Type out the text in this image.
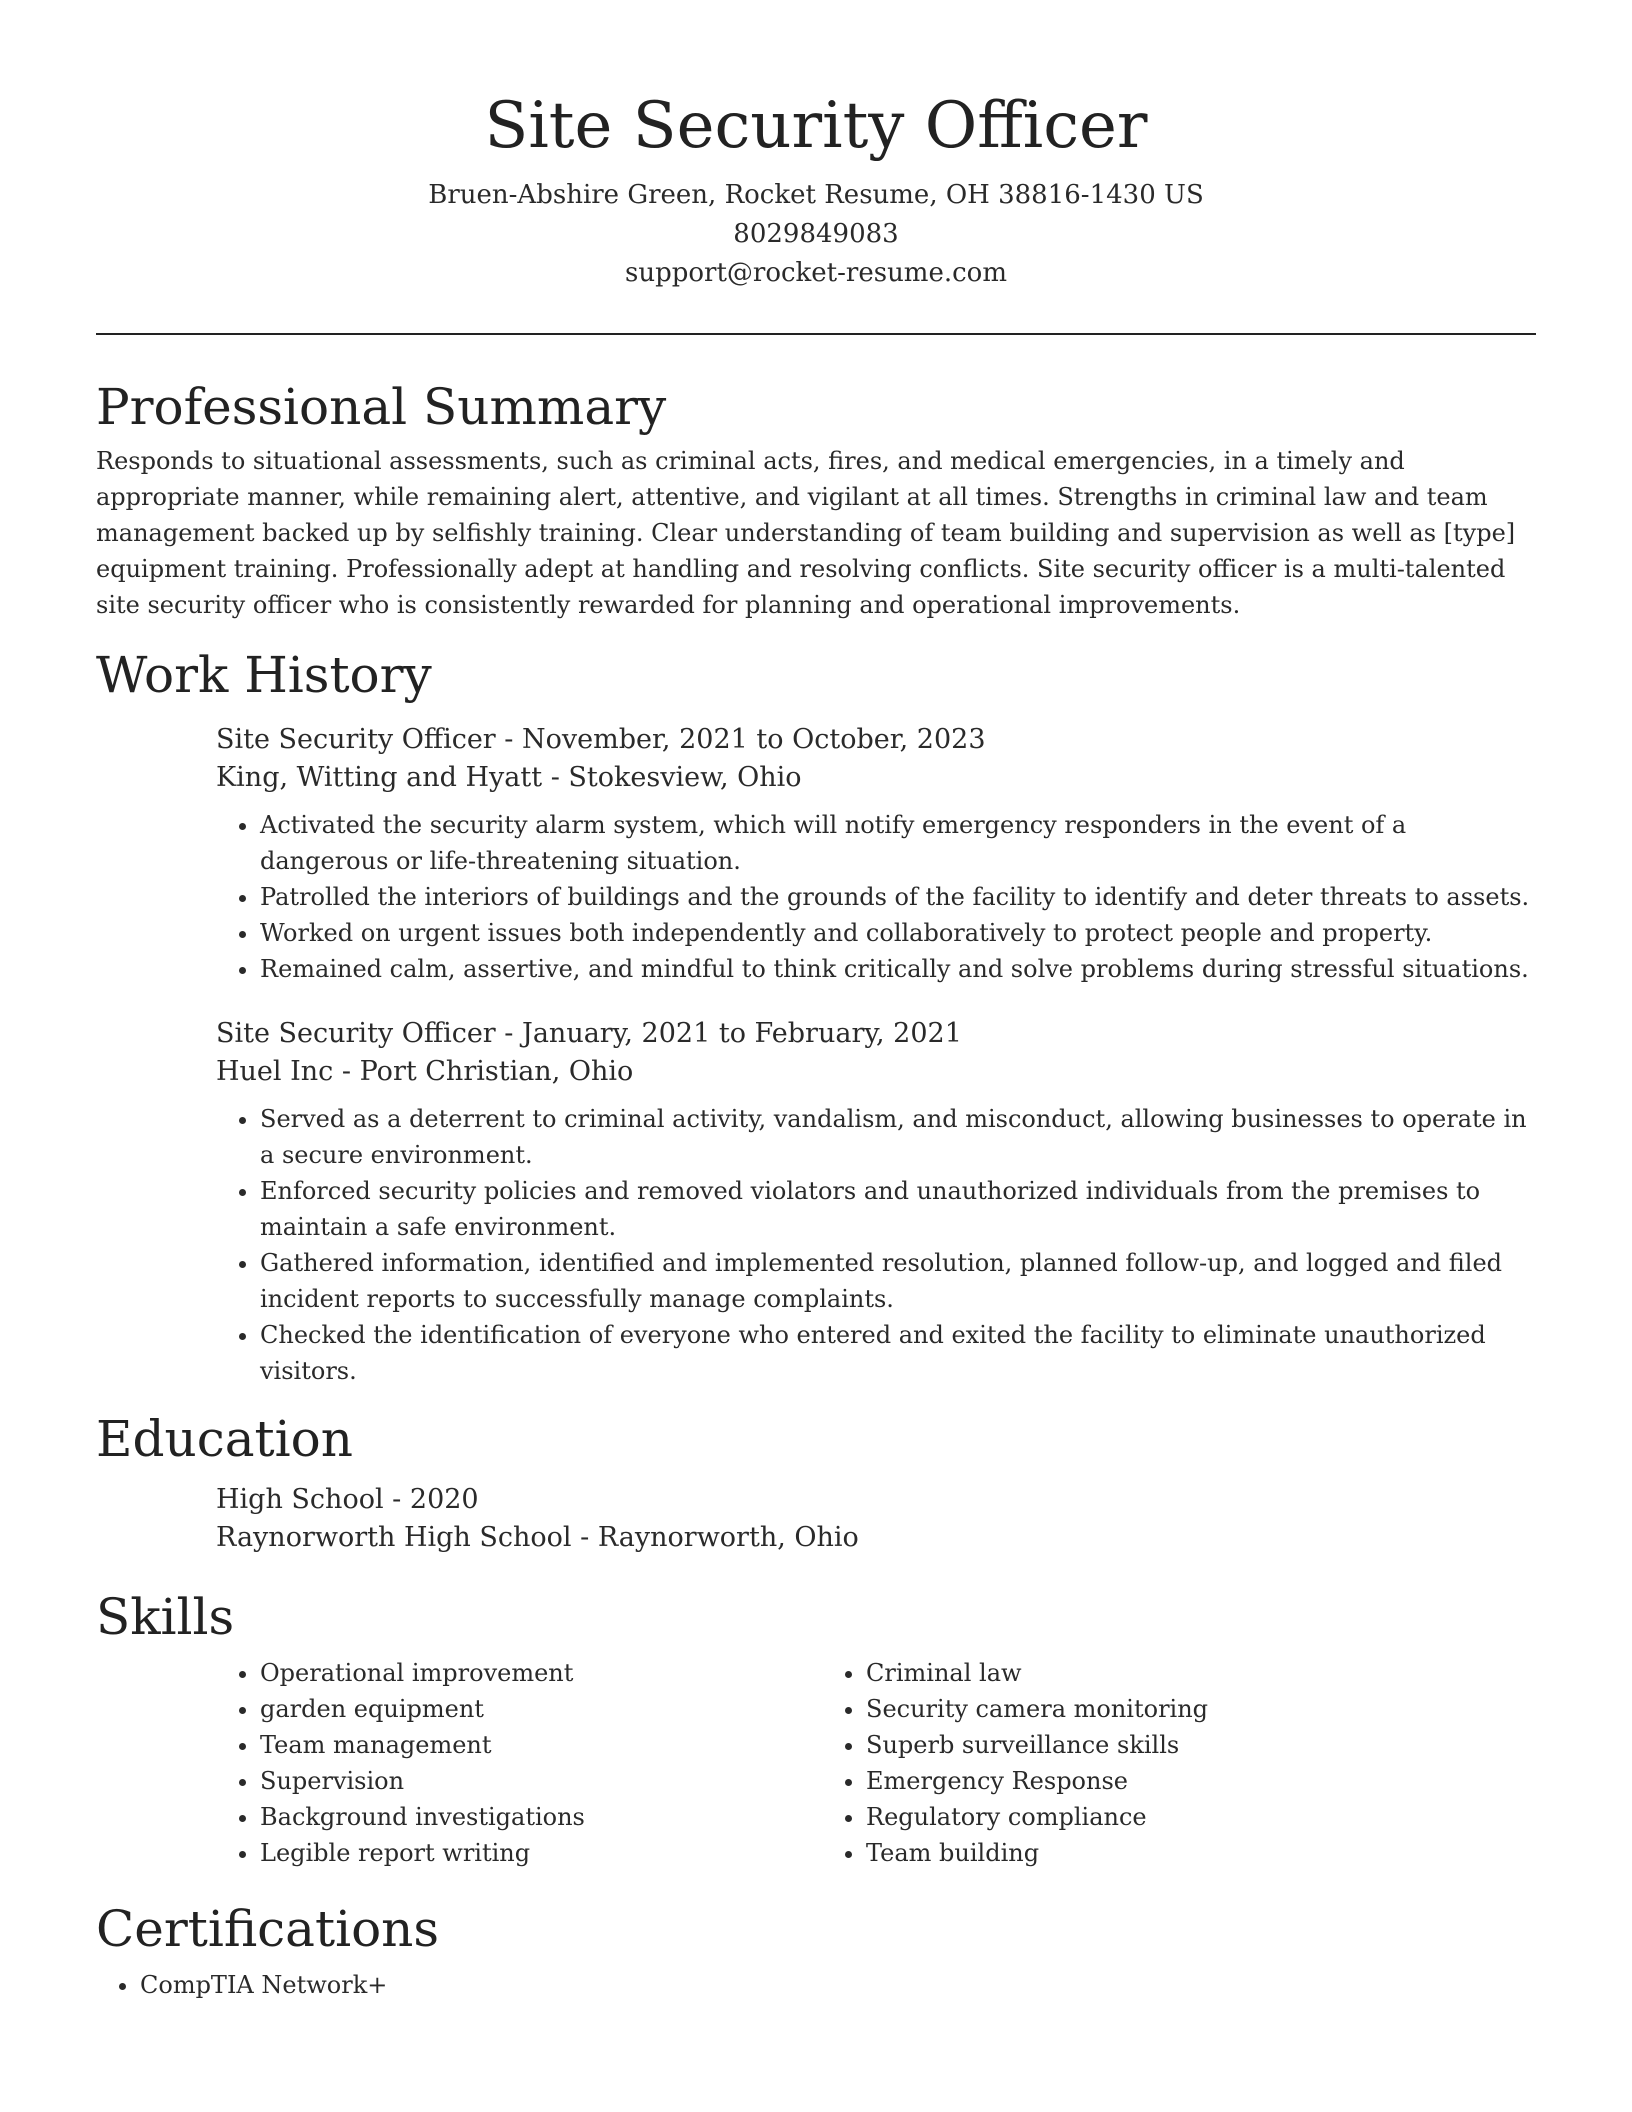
Site Security Officer
Bruen-Abshire Green, Rocket Resume, OH 38816-1430 US
8029849083
support@rocket-resume.com
Professional Summary

Responds to situational assessments, such as criminal acts, fires, and medical emergencies, in a timely and appropriate manner, while remaining alert, attentive, and vigilant at all times. Strengths in criminal law and team management backed up by selfishly training. Clear understanding of team building and supervision as well as [type] equipment training. Professionally adept at handling and resolving conflicts. Site security officer is a multi-talented site security officer who is consistently rewarded for planning and operational improvements.

Work History
Site Security Officer - November, 2021 to October, 2023
King, Witting and Hyatt - Stokesview, Ohio
• Activated the security alarm system, which will notify emergency responders in the event of a dangerous or life-threatening situation.
• Patrolled the interiors of buildings and the grounds of the facility to identify and deter threats to assets.
• Worked on urgent issues both independently and collaboratively to protect people and property.
• Remained calm, assertive, and mindful to think critically and solve problems during stressful situations.
Site Security Officer - January, 2021 to February, 2021
Huel Inc - Port Christian, Ohio
• Served as a deterrent to criminal activity, vandalism, and misconduct, allowing businesses to operate in a secure environment.
• Enforced security policies and removed violators and unauthorized individuals from the premises to maintain a safe environment.
• Gathered information, identified and implemented resolution, planned follow-up, and logged and filed incident reports to successfully manage complaints.
• Checked the identification of everyone who entered and exited the facility to eliminate unauthorized visitors.
Education
High School - 2020
Raynorworth High School - Raynorworth, Ohio
Skills
• Operational improvement
• garden equipment
• Team management
• Supervision
• Background investigations
• Legible report writing
• Criminal law
• Security camera monitoring
• Superb surveillance skills
• Emergency Response
• Regulatory compliance
• Team building
Certifications
• CompTIA Network+
